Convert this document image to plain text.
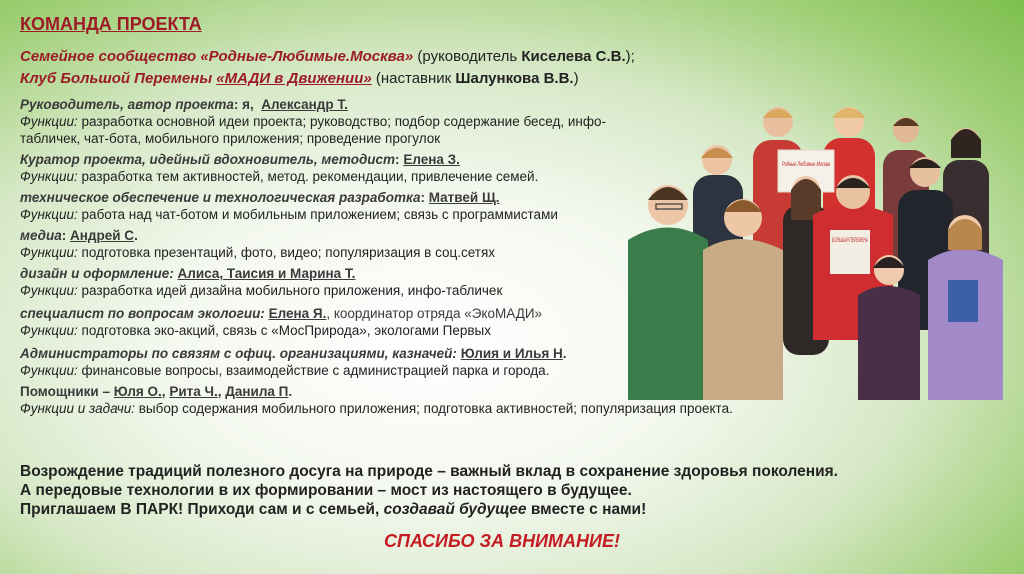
КОМАНДА ПРОЕКТА
Семейное сообщество «Родные-Любимые.Москва» (руководитель Киселева С.В.);
Клуб Большой Перемены «МАДИ в Движении» (наставник Шалункова В.В.)
Руководитель, автор проекта: я, Александр Т.
Функции: разработка основной идеи проекта; руководство; подбор содержание бесед, инфо-табличек, чат-бота, мобильного приложения; проведение прогулок
Куратор проекта, идейный вдохновитель, методист: Елена З.
Функции: разработка тем активностей, метод. рекомендации, привлечение семей.
техническое обеспечение и технологическая разработка: Матвей Щ.
Функции: работа над чат-ботом и мобильным приложением; связь с программистами
медиа: Андрей С.
Функции: подготовка презентаций, фото, видео; популяризация в соц.сетях
дизайн и оформление: Алиса, Таисия и Марина Т.
Функции: разработка идей дизайна мобильного приложения, инфо-табличек
специалист по вопросам экологии: Елена Я., координатор отряда «ЭкоМАДИ»
Функции: подготовка эко-акций, связь с «МосПрирода», экологами Первых
Администраторы по связям с офиц. организациями, казначей: Юлия и Илья Н.
Функции: финансовые вопросы, взаимодействие с администрацией парка и города.
Помощники – Юля О., Рита Ч., Данила П.
Функции и задачи: выбор содержания мобильного приложения; подготовка активностей; популяризация проекта.
Возрождение традиций полезного досуга на природе – важный вклад в сохранение здоровья поколения.
А передовые технологии в их формировании – мост из настоящего в будущее.
Приглашаем В ПАРК! Приходи сам и с семьей, создавай будущее вместе с нами!
СПАСИБО ЗА ВНИМАНИЕ!
Родные Любимые Москва
БОЛЬШАЯ ПЕРЕМЕНА
